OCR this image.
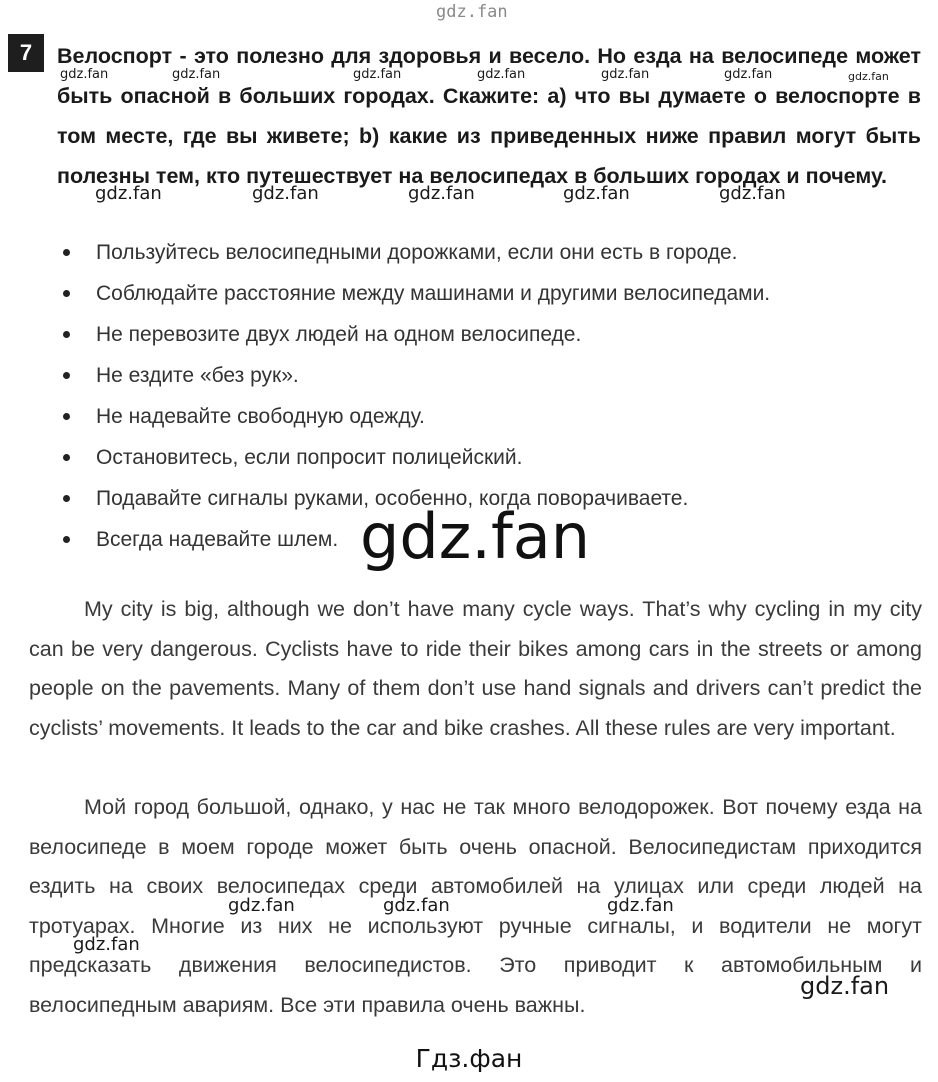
gdz.fan
7	Велоспорт - это полезно для здоровья и весело. Но езда на велосипеде может быть опасной в больших городах. Скажите: a) что вы думаете о велоспорте в том месте, где вы живете; b) какие из приведенных ниже правил могут быть полезны тем, кто путешествует на велосипедах в больших городах и почему.
Пользуйтесь велосипедными дорожками, если они есть в городе.
Соблюдайте расстояние между машинами и другими велосипедами.
Не перевозите двух людей на одном велосипеде.
Не ездите «без рук».
Не надевайте свободную одежду.
Остановитесь, если попросит полицейский.
Подавайте сигналы руками, особенно, когда поворачиваете.
Всегда надевайте шлем.

My city is big, although we don’t have many cycle ways. That’s why cycling in my city can be very dangerous. Cyclists have to ride their bikes among cars in the streets or among people on the pavements. Many of them don’t use hand signals and drivers can’t predict the cyclists’ movements. It leads to the car and bike crashes. All these rules are very important.

Мой город большой, однако, у нас не так много велодорожек. Вот почему езда на велосипеде в моем городе может быть очень опасной. Велосипедистам приходится ездить на своих велосипедах среди автомобилей на улицах или среди людей на тротуарах. Многие из них не используют ручные сигналы, и водители не могут предсказать движения велосипедистов. Это приводит к автомобильным и велосипедным авариям. Все эти правила очень важны.

Гдз.фан
gdz.fan	gdz.fan	gdz.fan	gdz.fan	gdz.fan	gdz.fan	gdz.fan
gdz.fan	gdz.fan	gdz.fan	gdz.fan	gdz.fan
gdz.fan
gdz.fan	gdz.fan	gdz.fan
gdz.fan
gdz.fan
